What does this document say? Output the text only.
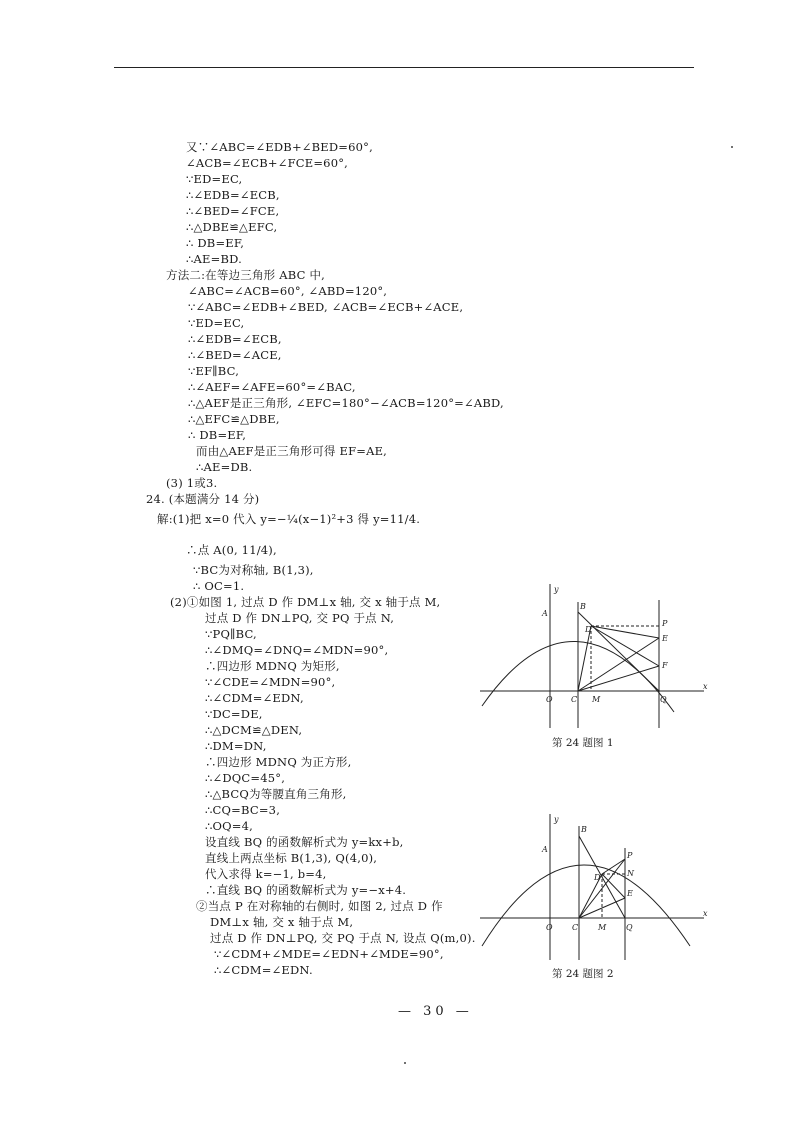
又∵∠ABC=∠EDB+∠BED=60°,
∠ACB=∠ECB+∠FCE=60°,
∵ED=EC,
∴∠EDB=∠ECB,
∴∠BED=∠FCE,
∴△DBE≌△EFC,
∴ DB=EF,
∴AE=BD.
方法二:在等边三角形 ABC 中,
∠ABC=∠ACB=60°, ∠ABD=120°,
∵∠ABC=∠EDB+∠BED, ∠ACB=∠ECB+∠ACE,
∵ED=EC,
∴∠EDB=∠ECB,
∴∠BED=∠ACE,
∵EF∥BC,
∴∠AEF=∠AFE=60°=∠BAC,
∴△AEF是正三角形, ∠EFC=180°−∠ACB=120°=∠ABD,
∴△EFC≌△DBE,
∴ DB=EF,
而由△AEF是正三角形可得 EF=AE,
∴AE=DB.
(3) 1或3.
24. (本题满分 14 分)
解:(1)把 x=0 代入 y=−¼(x−1)²+3 得 y=11/4.
∴点 A(0, 11/4),
∵BC为对称轴, B(1,3),
∴ OC=1.
(2)①如图 1, 过点 D 作 DM⊥x 轴, 交 x 轴于点 M,
过点 D 作 DN⊥PQ, 交 PQ 于点 N,
∵PQ∥BC,
∴∠DMQ=∠DNQ=∠MDN=90°,
∴四边形 MDNQ 为矩形,
∵∠CDE=∠MDN=90°,
∴∠CDM=∠EDN,
∵DC=DE,
∴△DCM≌△DEN,
∴DM=DN,
∴四边形 MDNQ 为正方形,
∴∠DQC=45°,
∴△BCQ为等腰直角三角形,
∴CQ=BC=3,
∴OQ=4,
设直线 BQ 的函数解析式为 y=kx+b,
直线上两点坐标 B(1,3), Q(4,0),
代入求得 k=−1, b=4,
∴直线 BQ 的函数解析式为 y=−x+4.
②当点 P 在对称轴的右侧时, 如图 2, 过点 D 作
DM⊥x 轴, 交 x 轴于点 M,
过点 D 作 DN⊥PQ, 交 PQ 于点 N, 设点 Q(m,0).
∵∠CDM+∠MDE=∠EDN+∠MDE=90°,
∴∠CDM=∠EDN.
y
x
A
B
D
P
E
F
O C M	Q
第 24 题图 1
y
x
A
B
P
D	N
E
O C M Q
第 24 题图 2
— 30 —
